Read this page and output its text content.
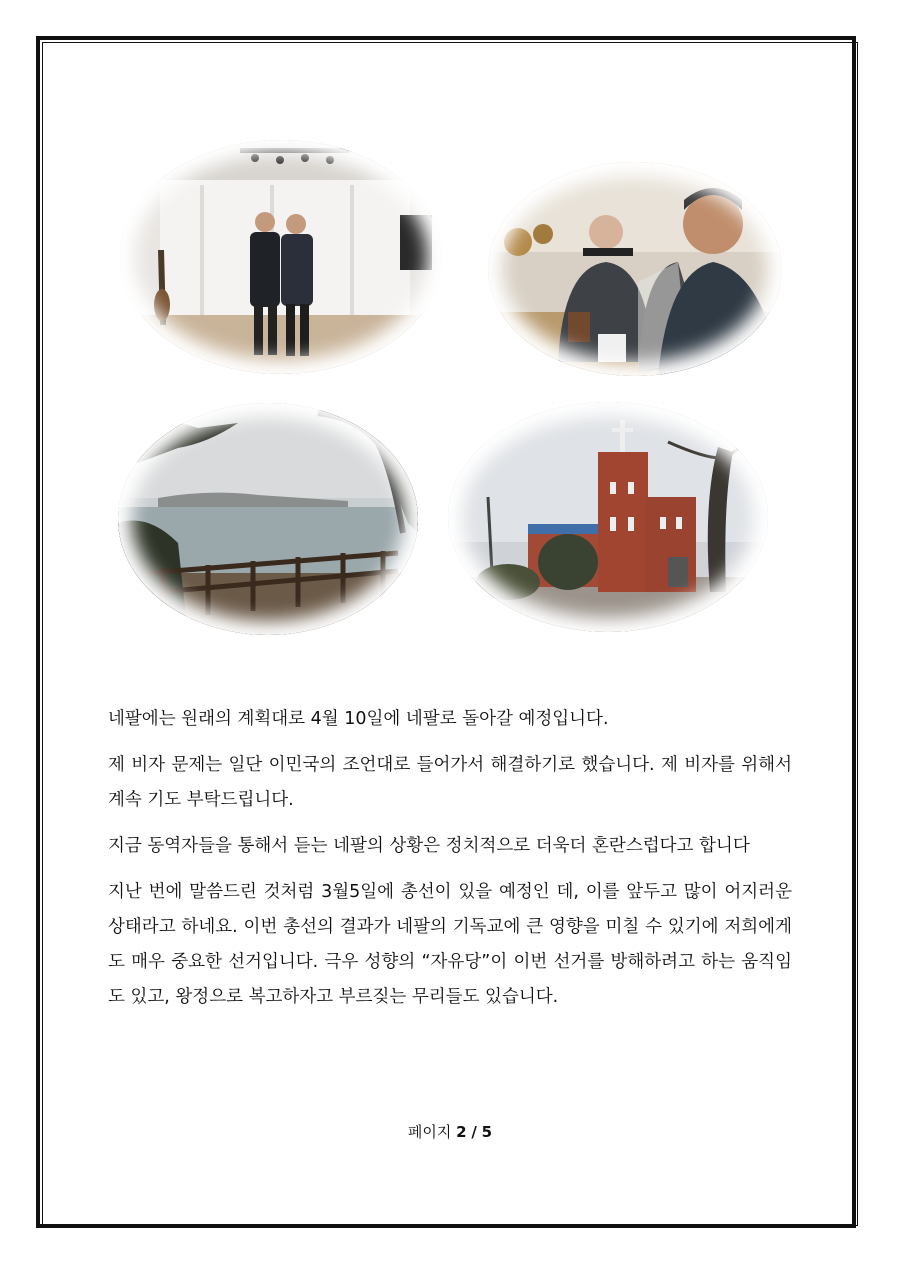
네팔에는 원래의 계획대로 4월 10일에 네팔로 돌아갈 예정입니다.

제 비자 문제는 일단 이민국의 조언대로 들어가서 해결하기로 했습니다. 제 비자를 위해서 계속 기도 부탁드립니다.

지금 동역자들을 통해서 듣는 네팔의 상황은 정치적으로 더욱더 혼란스럽다고 합니다

지난 번에 말씀드린 것처럼 3월5일에 총선이 있을 예정인 데, 이를 앞두고 많이 어지러운 상태라고 하네요. 이번 총선의 결과가 네팔의 기독교에 큰 영향을 미칠 수 있기에 저희에게도 매우 중요한 선거입니다. 극우 성향의 “자유당”이 이번 선거를 방해하려고 하는 움직임도 있고, 왕정으로 복고하자고 부르짖는 무리들도 있습니다.

페이지 2 / 5
